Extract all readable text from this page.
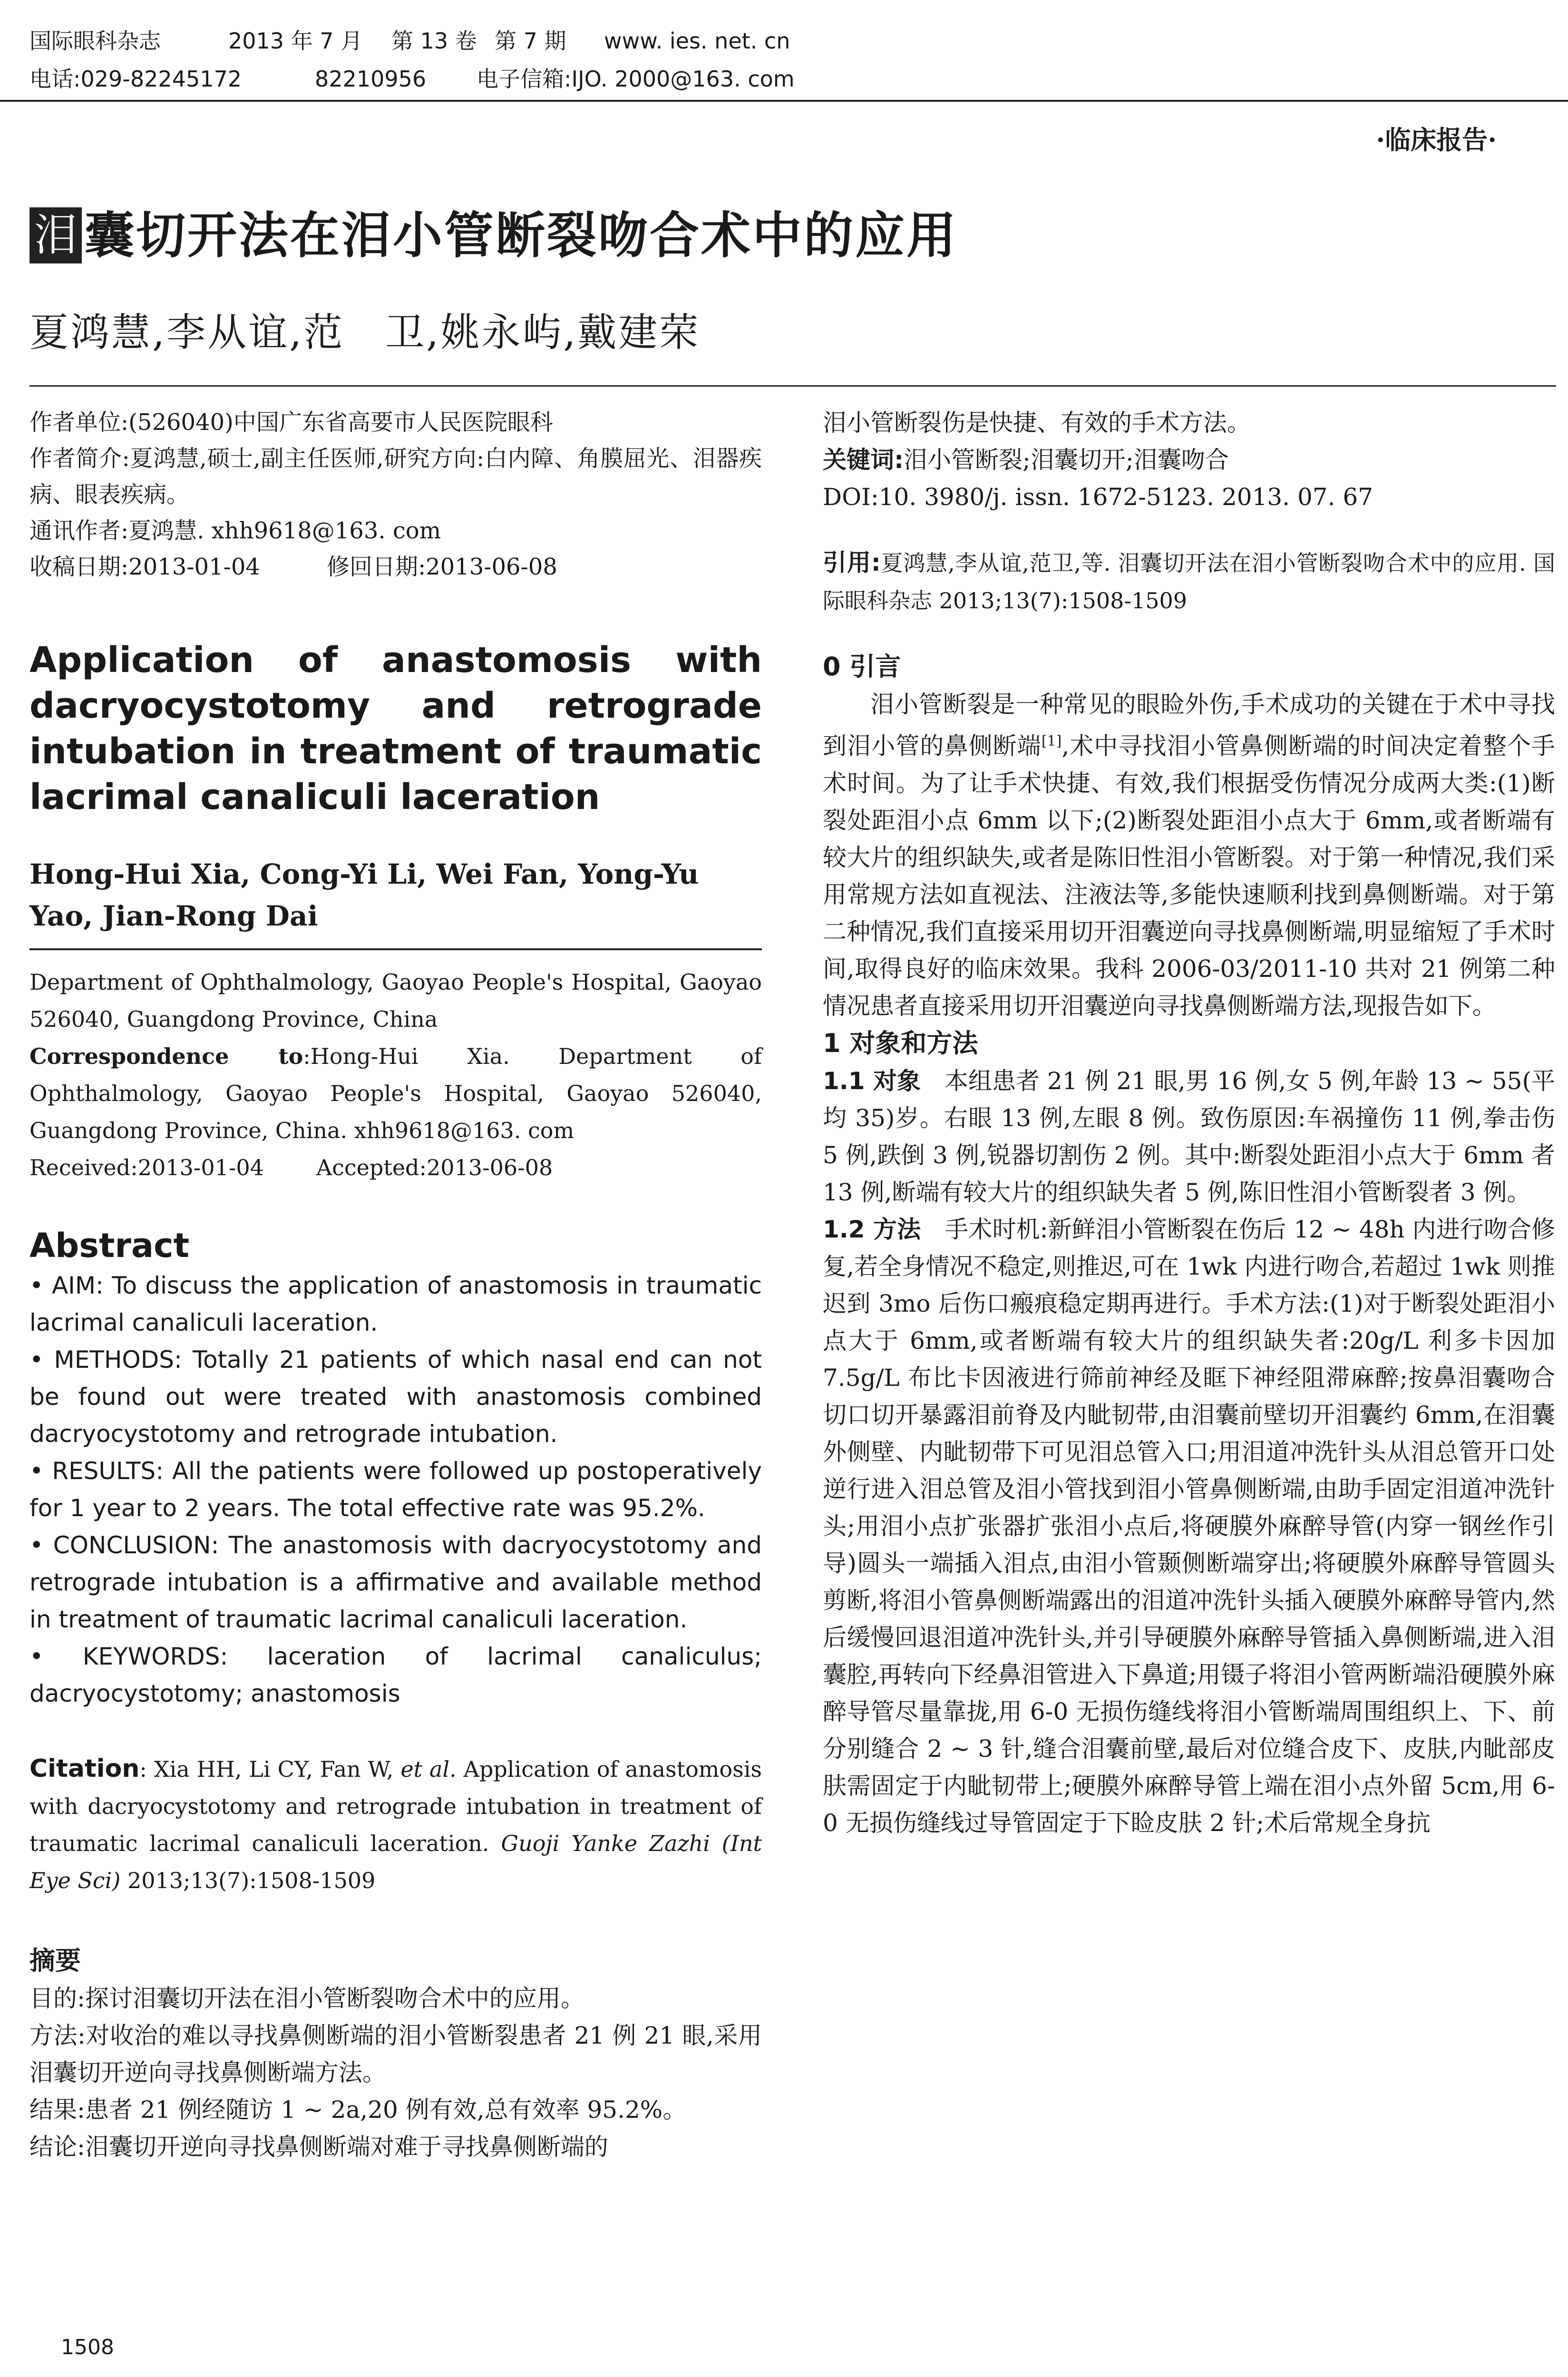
国际眼科杂志	2013 年 7 月 第 13 卷 第 7 期 www. ies. net. cn
电话:029-82245172	82210956 电子信箱:IJO. 2000@163. com
·临床报告·
泪 囊切开法在泪小管断裂吻合术中的应用
夏鸿慧,李从谊,范　卫,姚永屿,戴建荣

作者单位:(526040)中国广东省高要市人民医院眼科

作者简介:夏鸿慧,硕士,副主任医师,研究方向:白内障、角膜屈光、泪器疾病、眼表疾病。

通讯作者:夏鸿慧. xhh9618@163. com

收稿日期:2013-01-04	修回日期:2013-06-08

Application of anastomosis with dacryocystotomy and retrograde intubation in treatment of traumatic lacrimal canaliculi laceration

Hong-Hui Xia, Cong-Yi Li, Wei Fan, Yong-Yu Yao, Jian-Rong Dai

Department of Ophthalmology, Gaoyao People's Hospital, Gaoyao 526040, Guangdong Province, China

Correspondence to:Hong-Hui Xia. Department of Ophthalmology, Gaoyao People's Hospital, Gaoyao 526040, Guangdong Province, China. xhh9618@163. com

Received:2013-01-04 Accepted:2013-06-08

Abstract

• AIM: To discuss the application of anastomosis in traumatic lacrimal canaliculi laceration.

• METHODS: Totally 21 patients of which nasal end can not be found out were treated with anastomosis combined dacryocystotomy and retrograde intubation.

• RESULTS: All the patients were followed up postoperatively for 1 year to 2 years. The total effective rate was 95.2%.

• CONCLUSION: The anastomosis with dacryocystotomy and retrograde intubation is a affirmative and available method in treatment of traumatic lacrimal canaliculi laceration.

• KEYWORDS: laceration of lacrimal canaliculus; dacryocystotomy; anastomosis

Citation: Xia HH, Li CY, Fan W, et al. Application of anastomosis with dacryocystotomy and retrograde intubation in treatment of traumatic lacrimal canaliculi laceration. Guoji Yanke Zazhi (Int Eye Sci) 2013;13(7):1508-1509

摘要

目的:探讨泪囊切开法在泪小管断裂吻合术中的应用。

方法:对收治的难以寻找鼻侧断端的泪小管断裂患者 21 例 21 眼,采用泪囊切开逆向寻找鼻侧断端方法。

结果:患者 21 例经随访 1 ~ 2a,20 例有效,总有效率 95.2%。

结论:泪囊切开逆向寻找鼻侧断端对难于寻找鼻侧断端的

泪小管断裂伤是快捷、有效的手术方法。

关键词:泪小管断裂;泪囊切开;泪囊吻合

DOI:10. 3980/j. issn. 1672-5123. 2013. 07. 67

引用:夏鸿慧,李从谊,范卫,等. 泪囊切开法在泪小管断裂吻合术中的应用. 国际眼科杂志 2013;13(7):1508-1509

0 引言

泪小管断裂是一种常见的眼睑外伤,手术成功的关键在于术中寻找到泪小管的鼻侧断端[1],术中寻找泪小管鼻侧断端的时间决定着整个手术时间。为了让手术快捷、有效,我们根据受伤情况分成两大类:(1)断裂处距泪小点 6mm 以下;(2)断裂处距泪小点大于 6mm,或者断端有较大片的组织缺失,或者是陈旧性泪小管断裂。对于第一种情况,我们采用常规方法如直视法、注液法等,多能快速顺利找到鼻侧断端。对于第二种情况,我们直接采用切开泪囊逆向寻找鼻侧断端,明显缩短了手术时间,取得良好的临床效果。我科 2006-03/2011-10 共对 21 例第二种情况患者直接采用切开泪囊逆向寻找鼻侧断端方法,现报告如下。

1 对象和方法

1.1 对象 本组患者 21 例 21 眼,男 16 例,女 5 例,年龄 13 ~ 55(平均 35)岁。右眼 13 例,左眼 8 例。致伤原因:车祸撞伤 11 例,拳击伤 5 例,跌倒 3 例,锐器切割伤 2 例。其中:断裂处距泪小点大于 6mm 者 13 例,断端有较大片的组织缺失者 5 例,陈旧性泪小管断裂者 3 例。

1.2 方法 手术时机:新鲜泪小管断裂在伤后 12 ~ 48h 内进行吻合修复,若全身情况不稳定,则推迟,可在 1wk 内进行吻合,若超过 1wk 则推迟到 3mo 后伤口瘢痕稳定期再进行。手术方法:(1)对于断裂处距泪小点大于 6mm,或者断端有较大片的组织缺失者:20g/L 利多卡因加 7.5g/L 布比卡因液进行筛前神经及眶下神经阻滞麻醉;按鼻泪囊吻合切口切开暴露泪前脊及内眦韧带,由泪囊前壁切开泪囊约 6mm,在泪囊外侧壁、内眦韧带下可见泪总管入口;用泪道冲洗针头从泪总管开口处逆行进入泪总管及泪小管找到泪小管鼻侧断端,由助手固定泪道冲洗针头;用泪小点扩张器扩张泪小点后,将硬膜外麻醉导管(内穿一钢丝作引导)圆头一端插入泪点,由泪小管颞侧断端穿出;将硬膜外麻醉导管圆头剪断,将泪小管鼻侧断端露出的泪道冲洗针头插入硬膜外麻醉导管内,然后缓慢回退泪道冲洗针头,并引导硬膜外麻醉导管插入鼻侧断端,进入泪囊腔,再转向下经鼻泪管进入下鼻道;用镊子将泪小管两断端沿硬膜外麻醉导管尽量靠拢,用 6-0 无损伤缝线将泪小管断端周围组织上、下、前分别缝合 2 ~ 3 针,缝合泪囊前壁,最后对位缝合皮下、皮肤,内眦部皮肤需固定于内眦韧带上;硬膜外麻醉导管上端在泪小点外留 5cm,用 6-0 无损伤缝线过导管固定于下睑皮肤 2 针;术后常规全身抗

1508
